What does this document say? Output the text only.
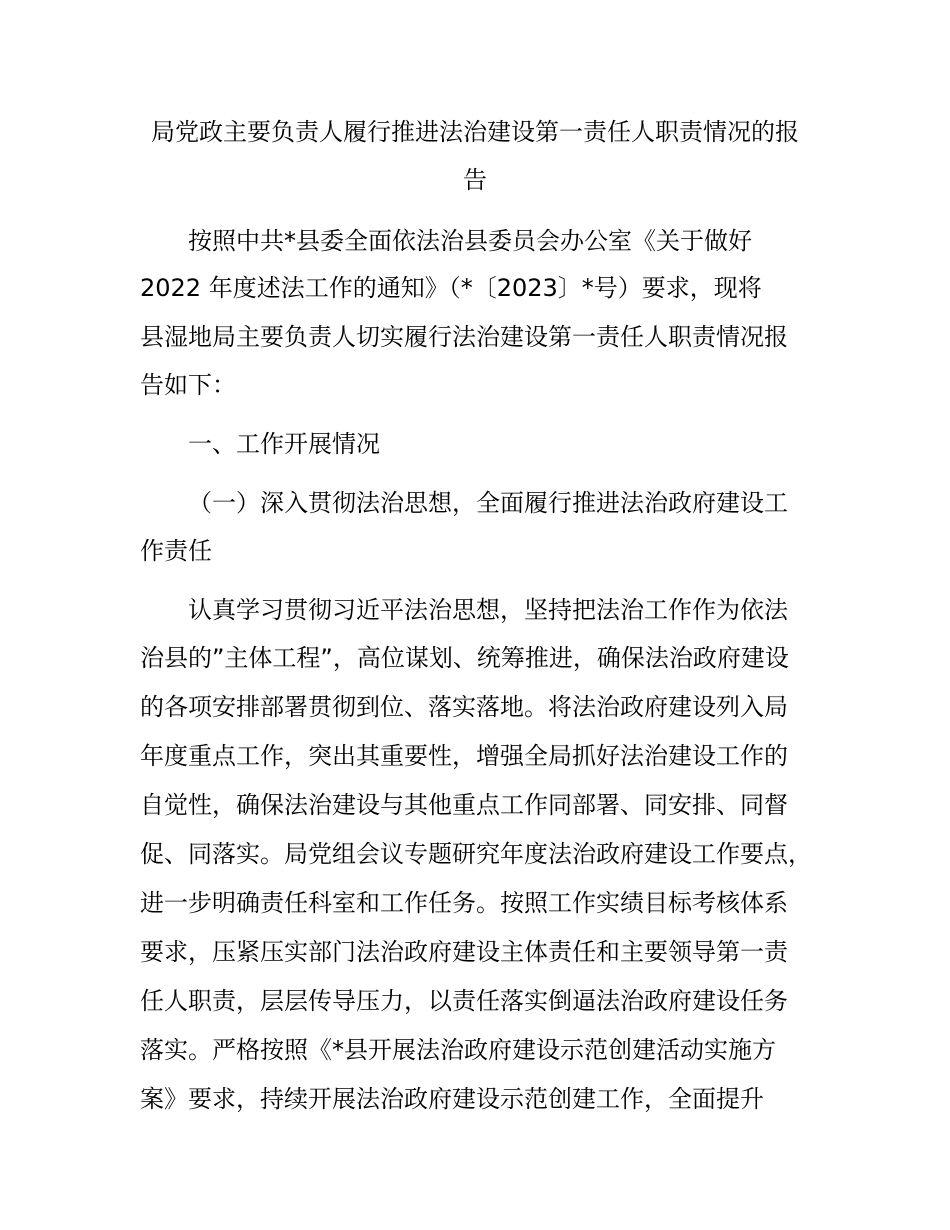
局党政主要负责人履行推进法治建设第一责任人职责情况的报
告
按照中共*县委全面依法治县委员会办公室《关于做好
2022 年度述法工作的通知》（*〔2023〕*号）要求，现将
县湿地局主要负责人切实履行法治建设第一责任人职责情况报
告如下：
一、工作开展情况
（一）深入贯彻法治思想，全面履行推进法治政府建设工
作责任
认真学习贯彻习近平法治思想，坚持把法治工作作为依法
治县的”主体工程”，高位谋划、统筹推进，确保法治政府建设
的各项安排部署贯彻到位、落实落地。将法治政府建设列入局
年度重点工作，突出其重要性，增强全局抓好法治建设工作的
自觉性，确保法治建设与其他重点工作同部署、同安排、同督
促、同落实。局党组会议专题研究年度法治政府建设工作要点，
进一步明确责任科室和工作任务。按照工作实绩目标考核体系
要求，压紧压实部门法治政府建设主体责任和主要领导第一责
任人职责，层层传导压力，以责任落实倒逼法治政府建设任务
落实。严格按照《*县开展法治政府建设示范创建活动实施方
案》要求，持续开展法治政府建设示范创建工作，全面提升
